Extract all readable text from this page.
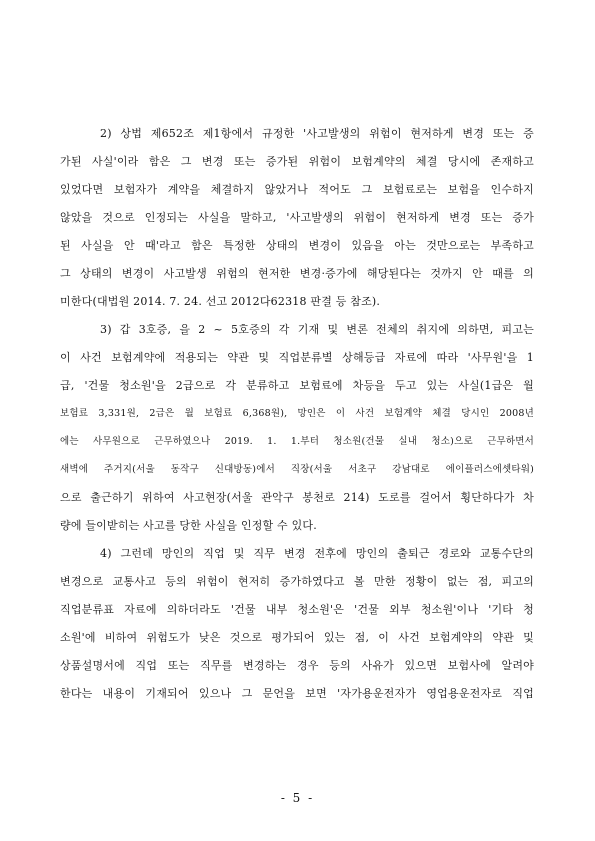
2) 상법 제652조 제1항에서 규정한 '사고발생의 위험이 현저하게 변경 또는 증
가된 사실'이라 함은 그 변경 또는 증가된 위험이 보험계약의 체결 당시에 존재하고
있었다면 보험자가 계약을 체결하지 않았거나 적어도 그 보험료로는 보험을 인수하지
않았을 것으로 인정되는 사실을 말하고, '사고발생의 위험이 현저하게 변경 또는 증가
된 사실을 안 때'라고 함은 특정한 상태의 변경이 있음을 아는 것만으로는 부족하고
그 상태의 변경이 사고발생 위험의 현저한 변경·증가에 해당된다는 것까지 안 때를 의
미한다(대법원 2014. 7. 24. 선고 2012다62318 판결 등 참조).

3) 갑 3호증, 을 2 ~ 5호증의 각 기재 및 변론 전체의 취지에 의하면, 피고는
이 사건 보험계약에 적용되는 약관 및 직업분류별 상해등급 자료에 따라 '사무원'을 1
급, '건물 청소원'을 2급으로 각 분류하고 보험료에 차등을 두고 있는 사실(1급은 월
보험료 3,331원, 2급은 월 보험료 6,368원), 망인은 이 사건 보험계약 체결 당시인 2008년
에는 사무원으로 근무하였으나 2019. 1. 1.부터 청소원(건물 실내 청소)으로 근무하면서
새벽에 주거지(서울 동작구 신대방동)에서 직장(서울 서초구 강남대로 에이플러스에셋타워)
으로 출근하기 위하여 사고현장(서울 관악구 봉천로 214) 도로를 걸어서 횡단하다가 차
량에 들이받히는 사고를 당한 사실을 인정할 수 있다.

4) 그런데 망인의 직업 및 직무 변경 전후에 망인의 출퇴근 경로와 교통수단의
변경으로 교통사고 등의 위험이 현저히 증가하였다고 볼 만한 정황이 없는 점, 피고의
직업분류표 자료에 의하더라도 '건물 내부 청소원'은 '건물 외부 청소원'이나 '기타 청
소원'에 비하여 위험도가 낮은 것으로 평가되어 있는 점, 이 사건 보험계약의 약관 및
상품설명서에 직업 또는 직무를 변경하는 경우 등의 사유가 있으면 보험사에 알려야
한다는 내용이 기재되어 있으나 그 문언을 보면 '자가용운전자가 영업용운전자로 직업

- 5 -
